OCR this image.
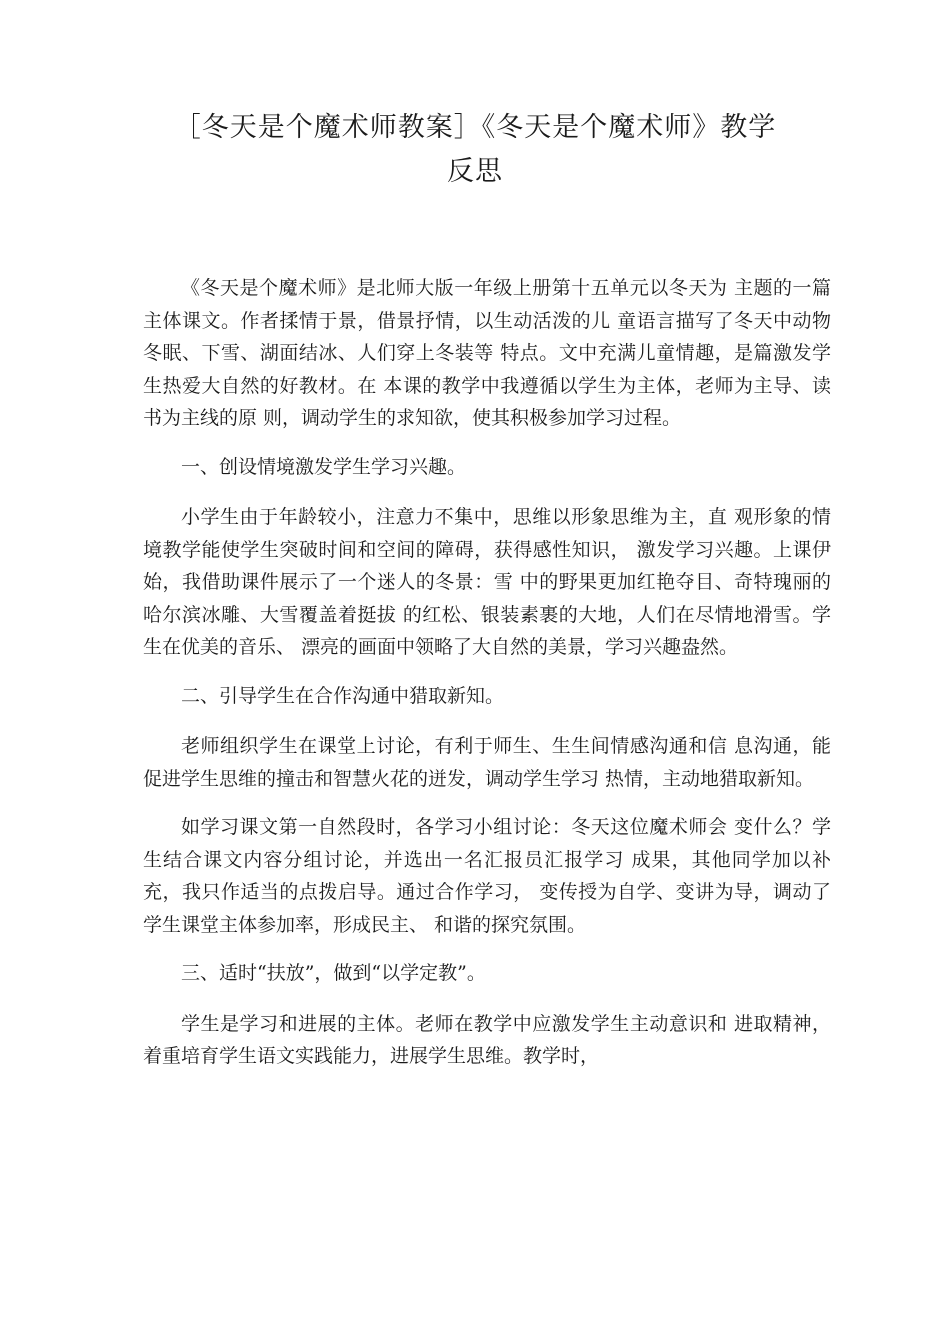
［冬天是个魔术师教案］《冬天是个魔术师》教学
反思

《冬天是个魔术师》是北师大版一年级上册第十五单元以冬天为 主题的一篇主体课文。作者揉情于景，借景抒情，以生动活泼的儿 童语言描写了冬天中动物冬眠、下雪、湖面结冰、人们穿上冬装等 特点。文中充满儿童情趣，是篇激发学生热爱大自然的好教材。在 本课的教学中我遵循以学生为主体，老师为主导、读书为主线的原 则，调动学生的求知欲，使其积极参加学习过程。

一、创设情境激发学生学习兴趣。

小学生由于年龄较小，注意力不集中，思维以形象思维为主，直 观形象的情境教学能使学生突破时间和空间的障碍，获得感性知识， 激发学习兴趣。上课伊始，我借助课件展示了一个迷人的冬景：雪 中的野果更加红艳夺目、奇特瑰丽的哈尔滨冰雕、大雪覆盖着挺拔 的红松、银装素裹的大地，人们在尽情地滑雪。学生在优美的音乐、 漂亮的画面中领略了大自然的美景，学习兴趣盎然。

二、引导学生在合作沟通中猎取新知。

老师组织学生在课堂上讨论，有利于师生、生生间情感沟通和信 息沟通，能促进学生思维的撞击和智慧火花的迸发，调动学生学习 热情，主动地猎取新知。

如学习课文第一自然段时，各学习小组讨论：冬天这位魔术师会 变什么？学生结合课文内容分组讨论，并选出一名汇报员汇报学习 成果，其他同学加以补充，我只作适当的点拨启导。通过合作学习， 变传授为自学、变讲为导，调动了学生课堂主体参加率，形成民主、 和谐的探究氛围。

三、适时“扶放”，做到“以学定教”。

学生是学习和进展的主体。老师在教学中应激发学生主动意识和 进取精神，着重培育学生语文实践能力，进展学生思维。教学时，
